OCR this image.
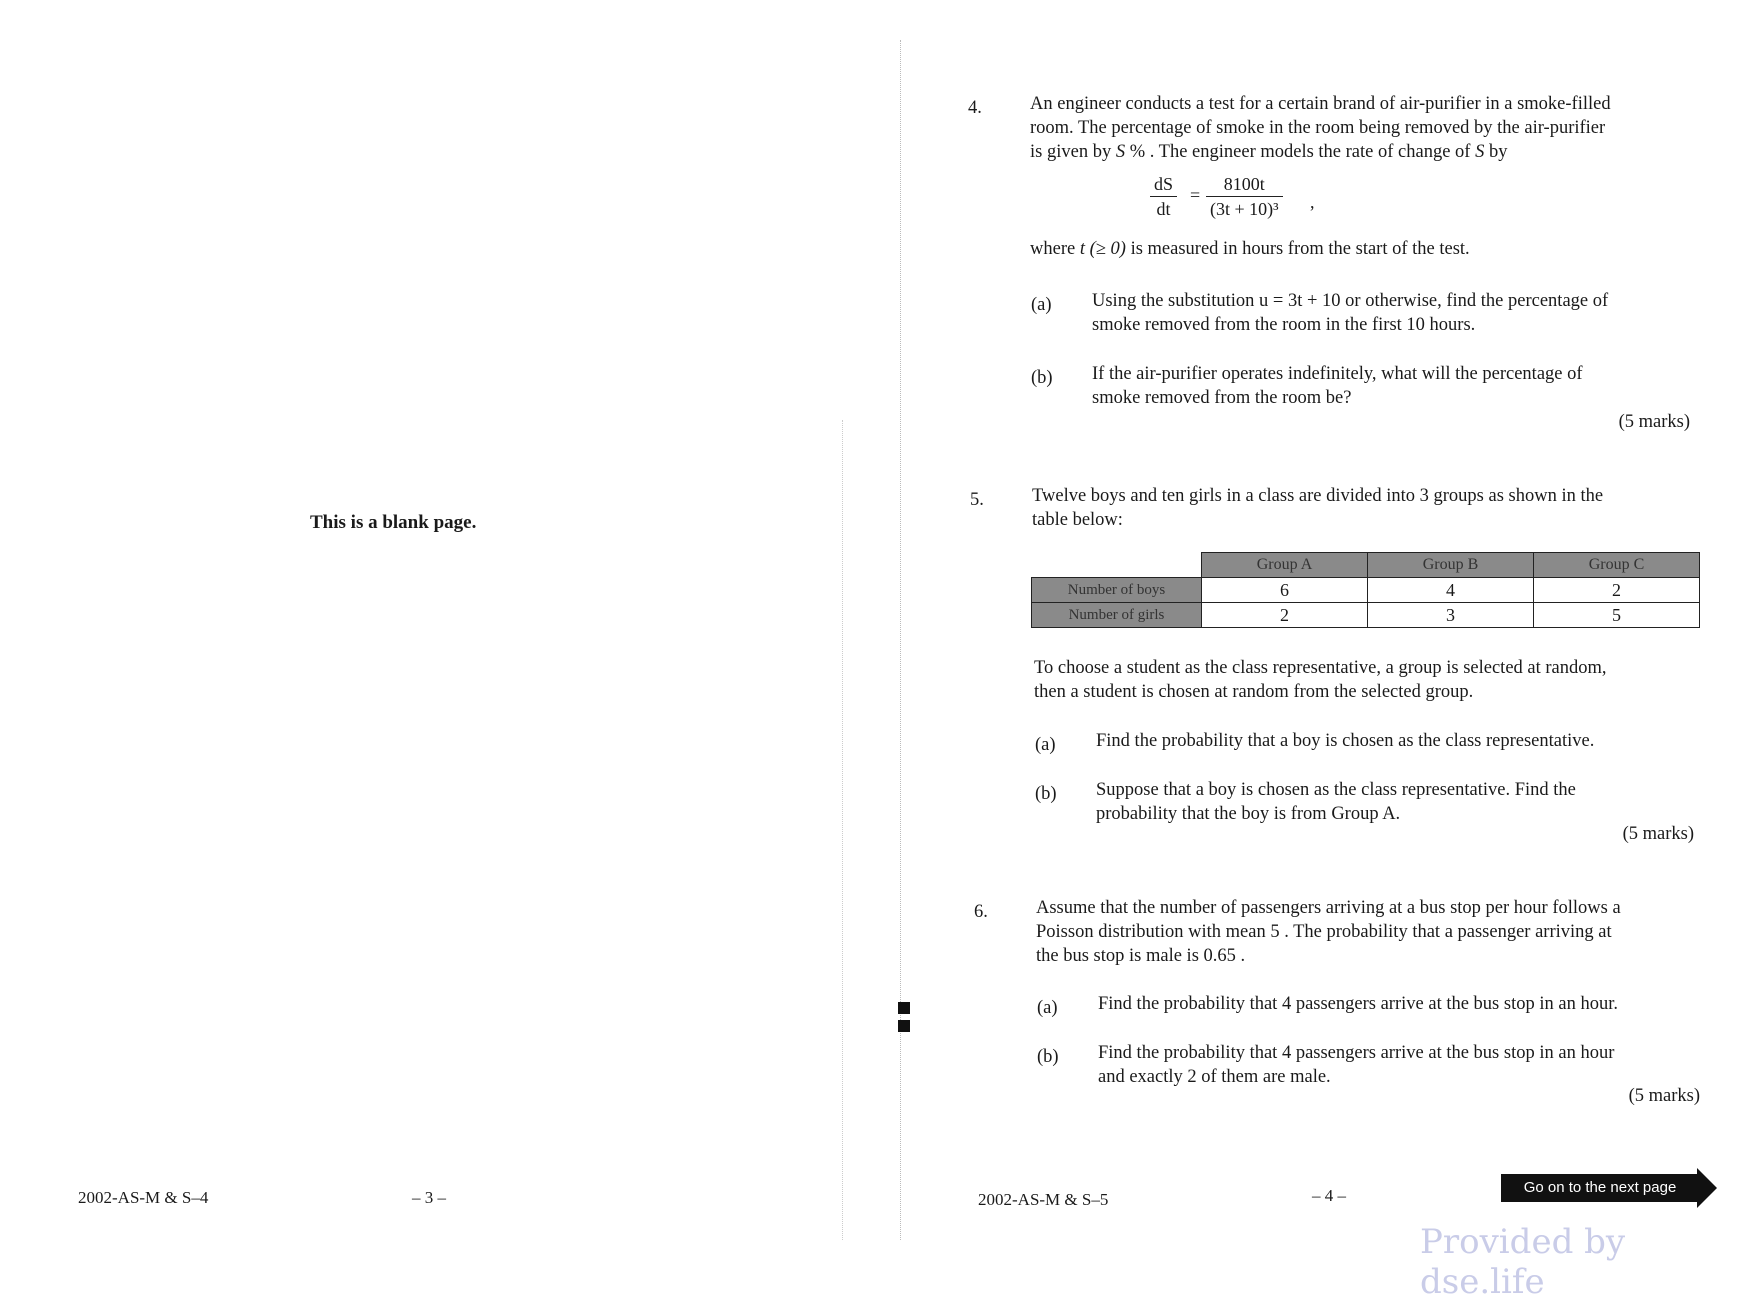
This is a blank page.
2002-AS-M & S–4	– 3 –
4.	An engineer conducts a test for a certain brand of air-purifier in a smoke-filled
room. The percentage of smoke in the room being removed by the air-purifier
is given by S % . The engineer models the rate of change of S by
$\frac{dS}{dt} = \frac{8100t}{\text{(3t + 10)³}}$ ,
where t (≥ 0) is measured in hours from the start of the test.
(a) Using the substitution u = 3t + 10 or otherwise, find the percentage of
smoke removed from the room in the first 10 hours.
(b) If the air-purifier operates indefinitely, what will the percentage of
smoke removed from the room be?
(5 marks)
5.	Twelve boys and ten girls in a class are divided into 3 groups as shown in the
table below:
	Group A	Group B	Group C
Number of boys	6	4	2
Number of girls	2	3	5
To choose a student as the class representative, a group is selected at random,
then a student is chosen at random from the selected group.
(a) Find the probability that a boy is chosen as the class representative.
(b) Suppose that a boy is chosen as the class representative. Find the
probability that the boy is from Group A.
(5 marks)
6.	Assume that the number of passengers arriving at a bus stop per hour follows a
Poisson distribution with mean 5 . The probability that a passenger arriving at
the bus stop is male is 0.65 .
(a) Find the probability that 4 passengers arrive at the bus stop in an hour.
(b) Find the probability that 4 passengers arrive at the bus stop in an hour
and exactly 2 of them are male.
(5 marks)
2002-AS-M & S–5	– 4 –	Go on to the next page
Provided by dse.life
